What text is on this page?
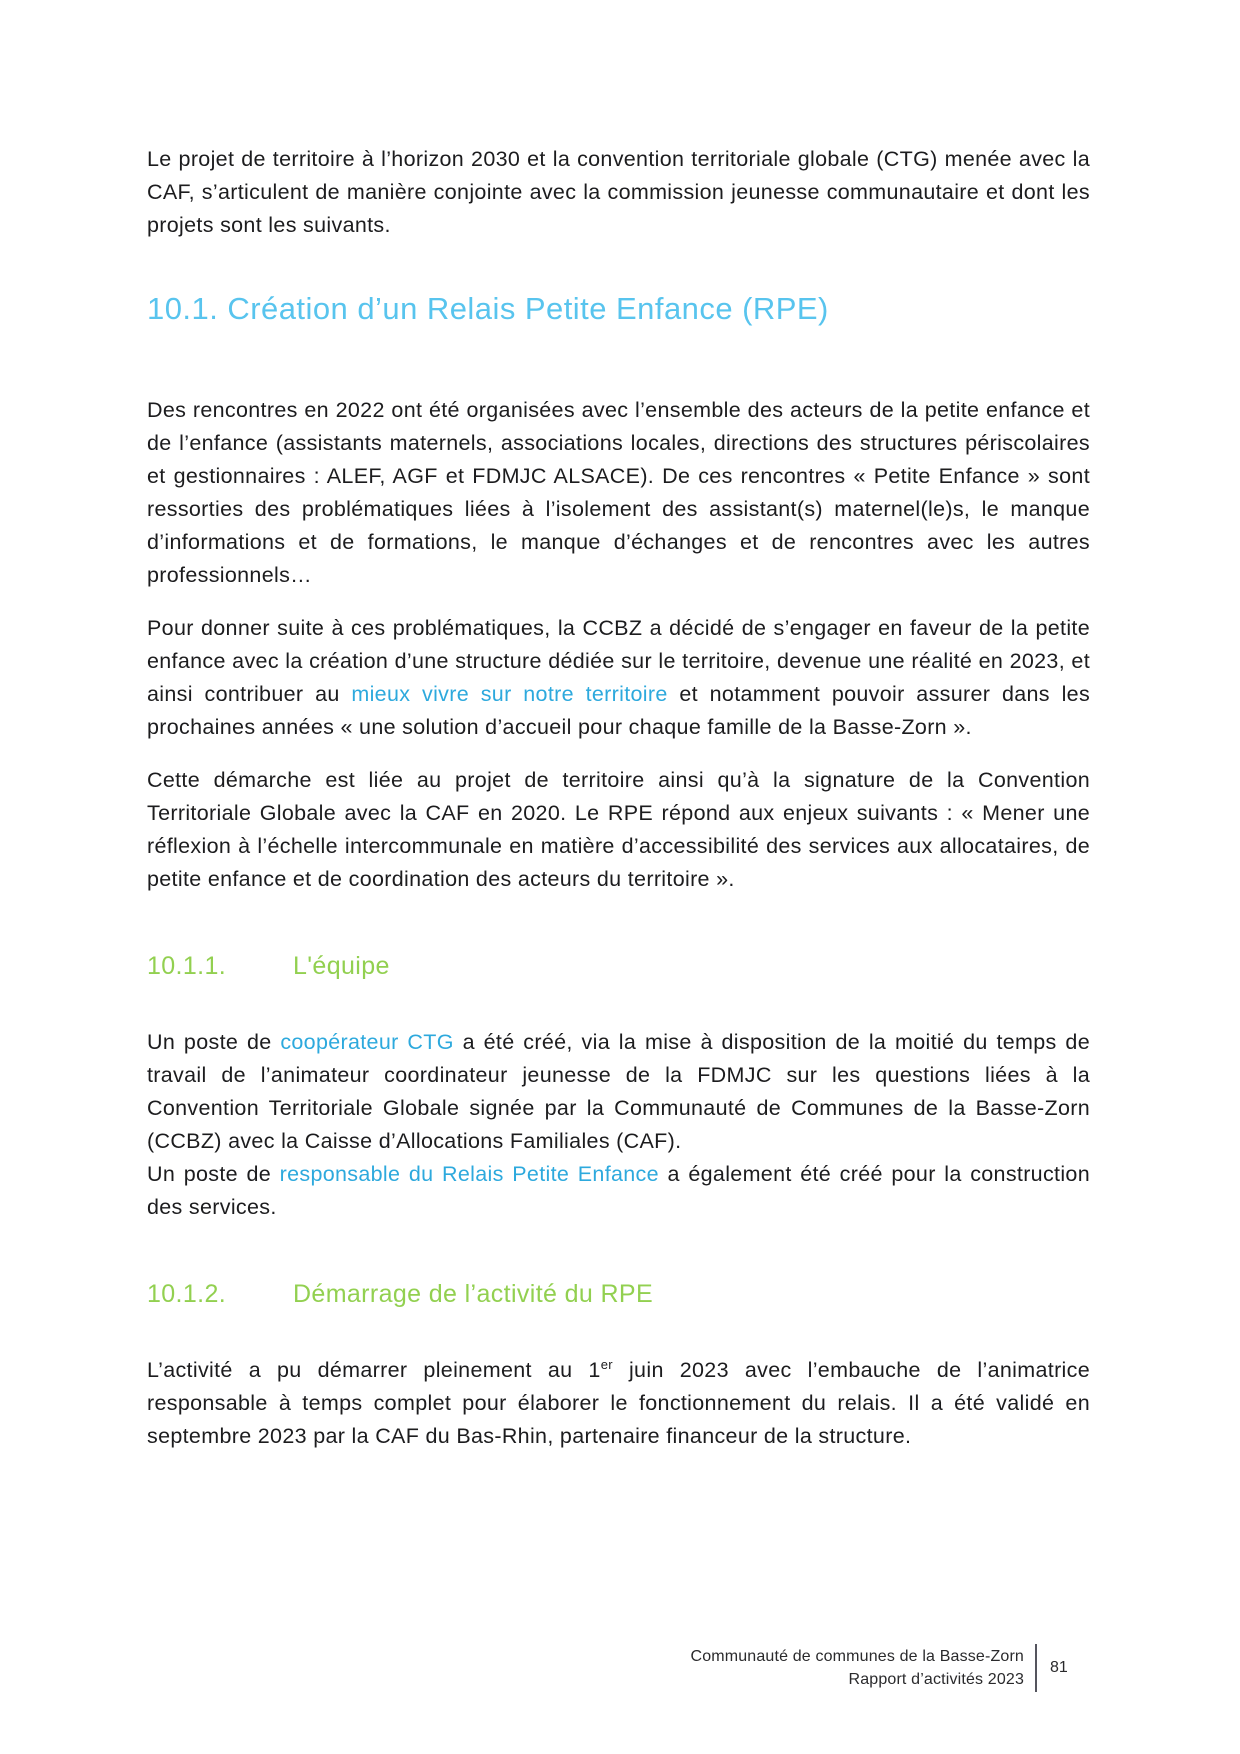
Le projet de territoire à l’horizon 2030 et la convention territoriale globale (CTG) menée avec la CAF, s’articulent de manière conjointe avec la commission jeunesse communautaire et dont les projets sont les suivants.

10.1. Création d’un Relais Petite Enfance (RPE)

Des rencontres en 2022 ont été organisées avec l’ensemble des acteurs de la petite enfance et de l’enfance (assistants maternels, associations locales, directions des structures périscolaires et gestionnaires : ALEF, AGF et FDMJC ALSACE). De ces rencontres « Petite Enfance » sont ressorties des problématiques liées à l’isolement des assistant(s) maternel(le)s, le manque d’informations et de formations, le manque d’échanges et de rencontres avec les autres professionnels…

Pour donner suite à ces problématiques, la CCBZ a décidé de s’engager en faveur de la petite enfance avec la création d’une structure dédiée sur le territoire, devenue une réalité en 2023, et ainsi contribuer au mieux vivre sur notre territoire et notamment pouvoir assurer dans les prochaines années « une solution d’accueil pour chaque famille de la Basse-Zorn ».

Cette démarche est liée au projet de territoire ainsi qu’à la signature de la Convention Territoriale Globale avec la CAF en 2020. Le RPE répond aux enjeux suivants : « Mener une réflexion à l’échelle intercommunale en matière d’accessibilité des services aux allocataires, de petite enfance et de coordination des acteurs du territoire ».

10.1.1.	L'équipe

Un poste de coopérateur CTG a été créé, via la mise à disposition de la moitié du temps de travail de l’animateur coordinateur jeunesse de la FDMJC sur les questions liées à la Convention Territoriale Globale signée par la Communauté de Communes de la Basse-Zorn (CCBZ) avec la Caisse d’Allocations Familiales (CAF).

Un poste de responsable du Relais Petite Enfance a également été créé pour la construction des services.

10.1.2.	Démarrage de l’activité du RPE

L’activité a pu démarrer pleinement au 1er juin 2023 avec l’embauche de l’animatrice responsable à temps complet pour élaborer le fonctionnement du relais. Il a été validé en septembre 2023 par la CAF du Bas-Rhin, partenaire financeur de la structure.

Communauté de communes de la Basse-Zorn
Rapport d’activités 2023
81
